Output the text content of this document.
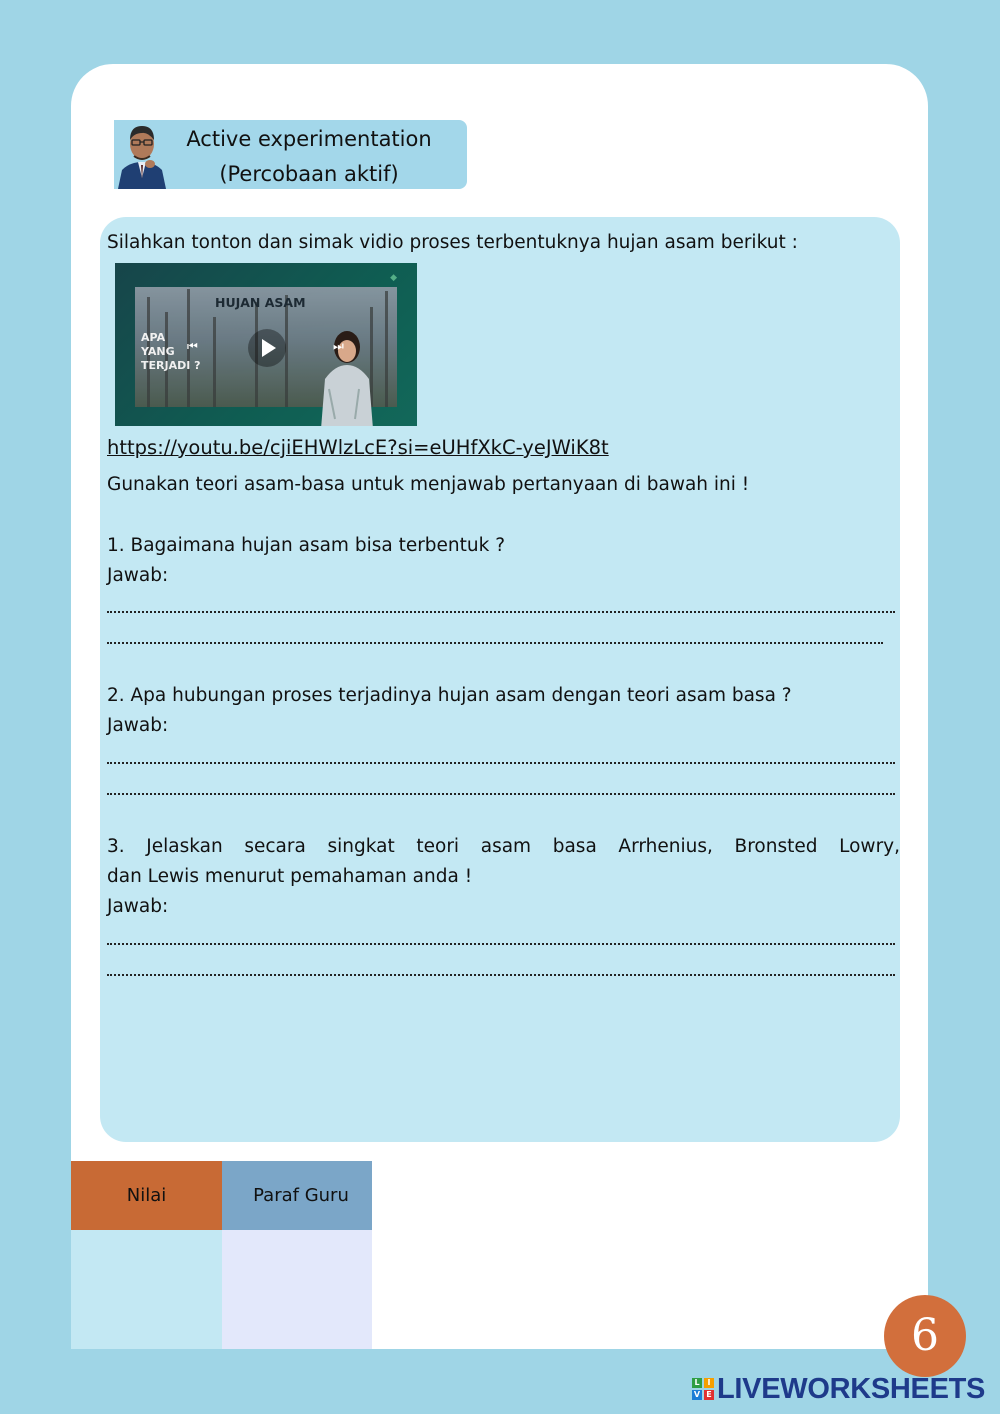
Active experimentation
(Percobaan aktif)
Silahkan tonton dan simak vidio proses terbentuknya hujan asam berikut :
◆
HUJAN ASAM
APA
YANG
TERJADI ?
⏮	⏭
https://youtu.be/cjiEHWlzLcE?si=eUHfXkC-yeJWiK8t
Gunakan teori asam-basa untuk menjawab pertanyaan di bawah ini !
1. Bagaimana hujan asam bisa terbentuk ?
Jawab:
2. Apa hubungan proses terjadinya hujan asam dengan teori asam basa ?
Jawab:
3. Jelaskan secara singkat teori asam basa Arrhenius, Bronsted Lowry,
dan Lewis menurut pemahaman anda !
Jawab:
Nilai	Paraf Guru
6
L I
V E LIVEWORKSHEETS
